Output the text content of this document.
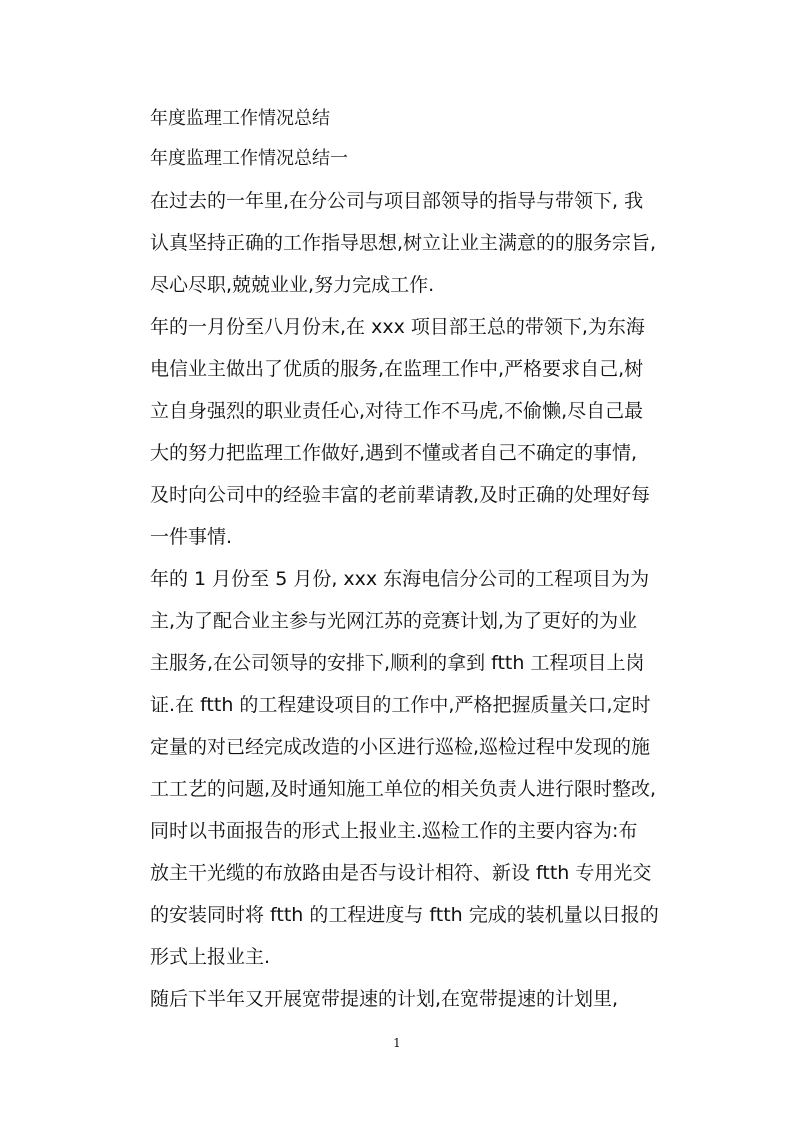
年度监理工作情况总结
年度监理工作情况总结一
在过去的一年里,在分公司与项目部领导的指导与带领下, 我
认真坚持正确的工作指导思想,树立让业主满意的的服务宗旨,
尽心尽职,兢兢业业,努力完成工作.
年的一月份至八月份末,在 xxx 项目部王总的带领下,为东海
电信业主做出了优质的服务,在监理工作中,严格要求自己,树
立自身强烈的职业责任心,对待工作不马虎,不偷懒,尽自己最
大的努力把监理工作做好,遇到不懂或者自己不确定的事情,
及时向公司中的经验丰富的老前辈请教,及时正确的处理好每
一件事情.
年的 1 月份至 5 月份, xxx 东海电信分公司的工程项目为为
主,为了配合业主参与光网江苏的竞赛计划,为了更好的为业
主服务,在公司领导的安排下,顺利的拿到 ftth 工程项目上岗
证.在 ftth 的工程建设项目的工作中,严格把握质量关口,定时
定量的对已经完成改造的小区进行巡检,巡检过程中发现的施
工工艺的问题,及时通知施工单位的相关负责人进行限时整改,
同时以书面报告的形式上报业主.巡检工作的主要内容为:布
放主干光缆的布放路由是否与设计相符、新设 ftth 专用光交
的安装同时将 ftth 的工程进度与 ftth 完成的装机量以日报的
形式上报业主.
随后下半年又开展宽带提速的计划,在宽带提速的计划里,
1
